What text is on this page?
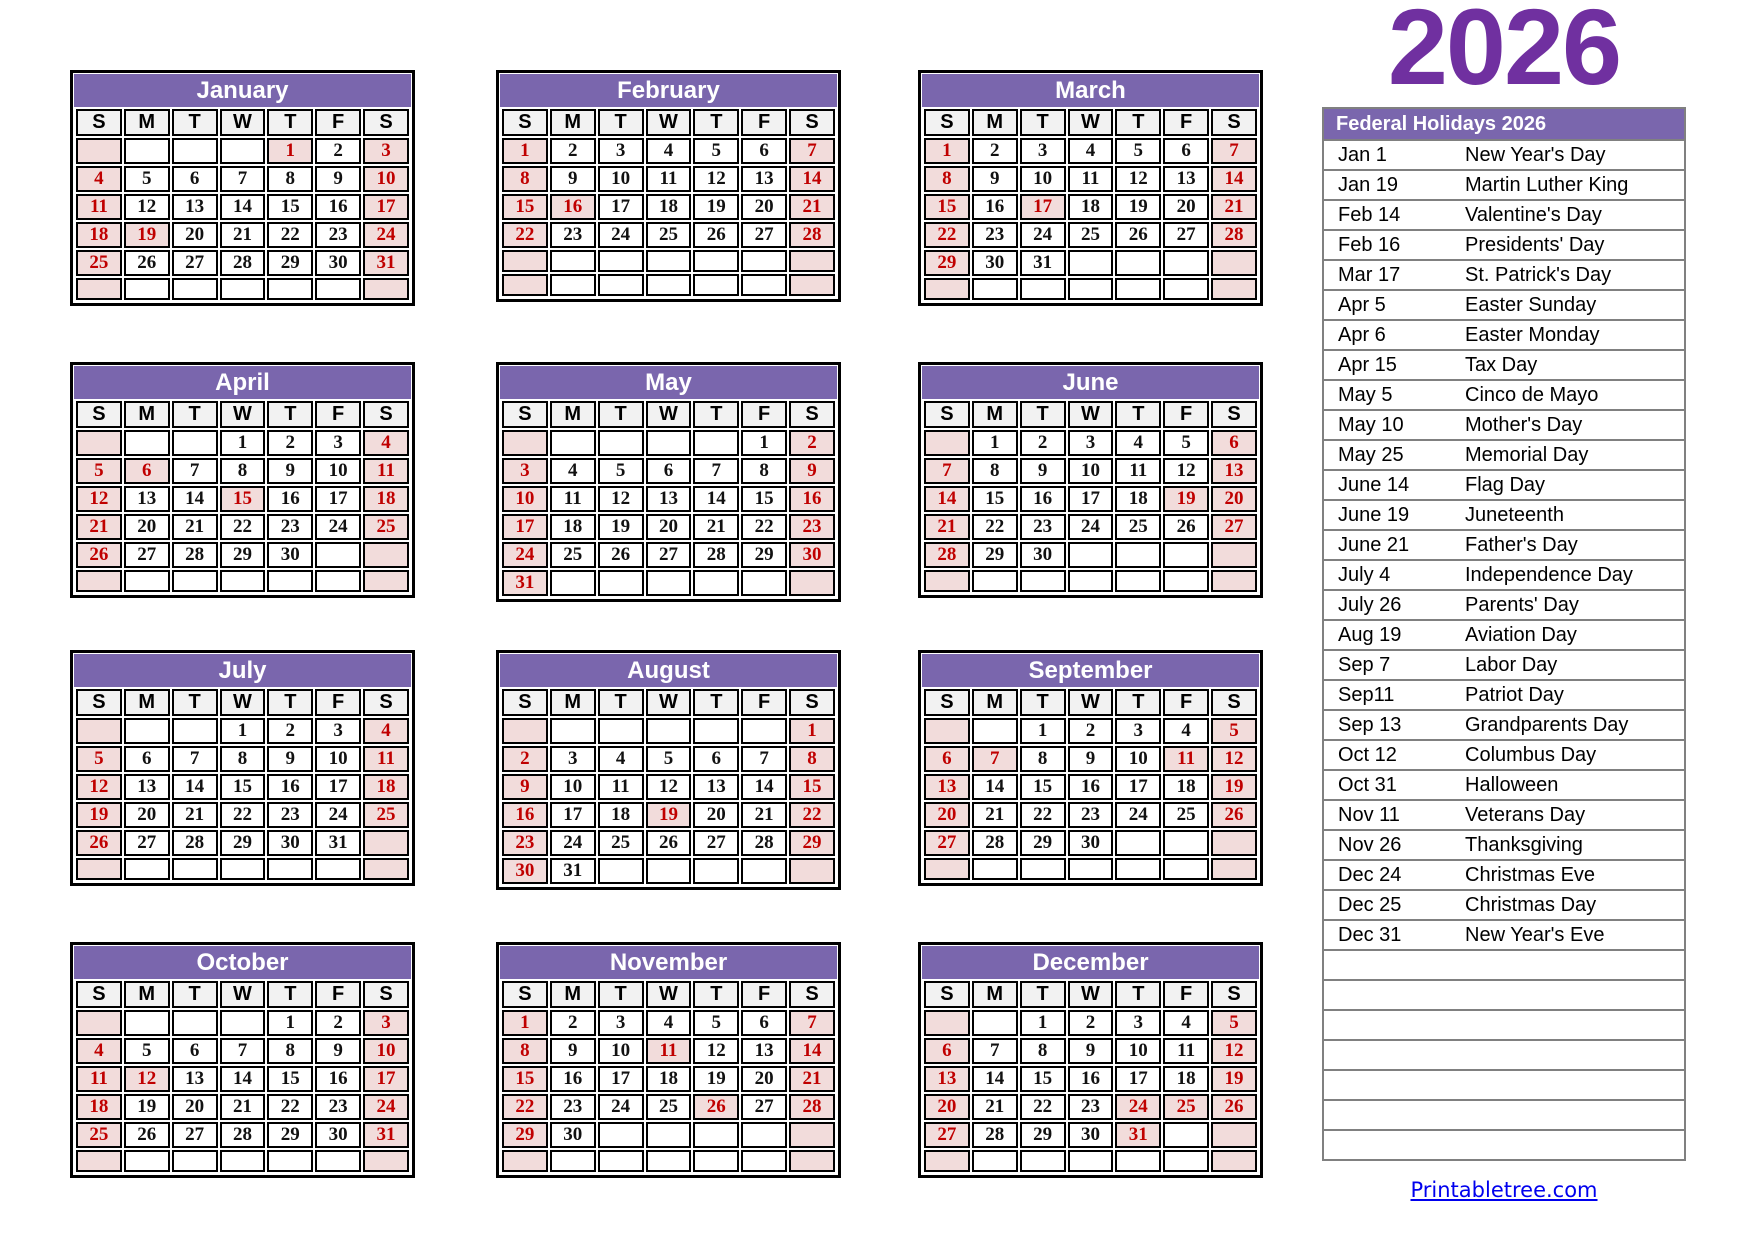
January
S	M	T	W	T	F	S
				1	2	3
4	5	6	7	8	9	10
11	12	13	14	15	16	17
18	19	20	21	22	23	24
25	26	27	28	29	30	31

February
S	M	T	W	T	F	S
1	2	3	4	5	6	7
8	9	10	11	12	13	14
15	16	17	18	19	20	21
22	23	24	25	26	27	28

March
S	M	T	W	T	F	S
1	2	3	4	5	6	7
8	9	10	11	12	13	14
15	16	17	18	19	20	21
22	23	24	25	26	27	28
29	30	31				

April
S	M	T	W	T	F	S
			1	2	3	4
5	6	7	8	9	10	11
12	13	14	15	16	17	18
21	20	21	22	23	24	25
26	27	28	29	30		

May
S	M	T	W	T	F	S
					1	2
3	4	5	6	7	8	9
10	11	12	13	14	15	16
17	18	19	20	21	22	23
24	25	26	27	28	29	30
31						
June
S	M	T	W	T	F	S
	1	2	3	4	5	6
7	8	9	10	11	12	13
14	15	16	17	18	19	20
21	22	23	24	25	26	27
28	29	30				

July
S	M	T	W	T	F	S
			1	2	3	4
5	6	7	8	9	10	11
12	13	14	15	16	17	18
19	20	21	22	23	24	25
26	27	28	29	30	31	

August
S	M	T	W	T	F	S
						1
2	3	4	5	6	7	8
9	10	11	12	13	14	15
16	17	18	19	20	21	22
23	24	25	26	27	28	29
30	31					
September
S	M	T	W	T	F	S
		1	2	3	4	5
6	7	8	9	10	11	12
13	14	15	16	17	18	19
20	21	22	23	24	25	26
27	28	29	30			

October
S	M	T	W	T	F	S
				1	2	3
4	5	6	7	8	9	10
11	12	13	14	15	16	17
18	19	20	21	22	23	24
25	26	27	28	29	30	31

November
S	M	T	W	T	F	S
1	2	3	4	5	6	7
8	9	10	11	12	13	14
15	16	17	18	19	20	21
22	23	24	25	26	27	28
29	30					

December
S	M	T	W	T	F	S
		1	2	3	4	5
6	7	8	9	10	11	12
13	14	15	16	17	18	19
20	21	22	23	24	25	26
27	28	29	30	31		

2026
Federal Holidays 2026	
Jan 1	New Year's Day
Jan 19	Martin Luther King
Feb 14	Valentine's Day
Feb 16	Presidents' Day
Mar 17	St. Patrick's Day
Apr 5	Easter Sunday
Apr 6	Easter Monday
Apr 15	Tax Day
May 5	Cinco de Mayo
May 10	Mother's Day
May 25	Memorial Day
June 14	Flag Day
June 19	Juneteenth
June 21	Father's Day
July 4	Independence Day
July 26	Parents' Day
Aug 19	Aviation Day
Sep 7	Labor Day
Sep11	Patriot Day
Sep 13	Grandparents Day
Oct 12	Columbus Day
Oct 31	Halloween
Nov 11	Veterans Day
Nov 26	Thanksgiving
Dec 24	Christmas Eve
Dec 25	Christmas Day
Dec 31	New Year's Eve

Printabletree.com
